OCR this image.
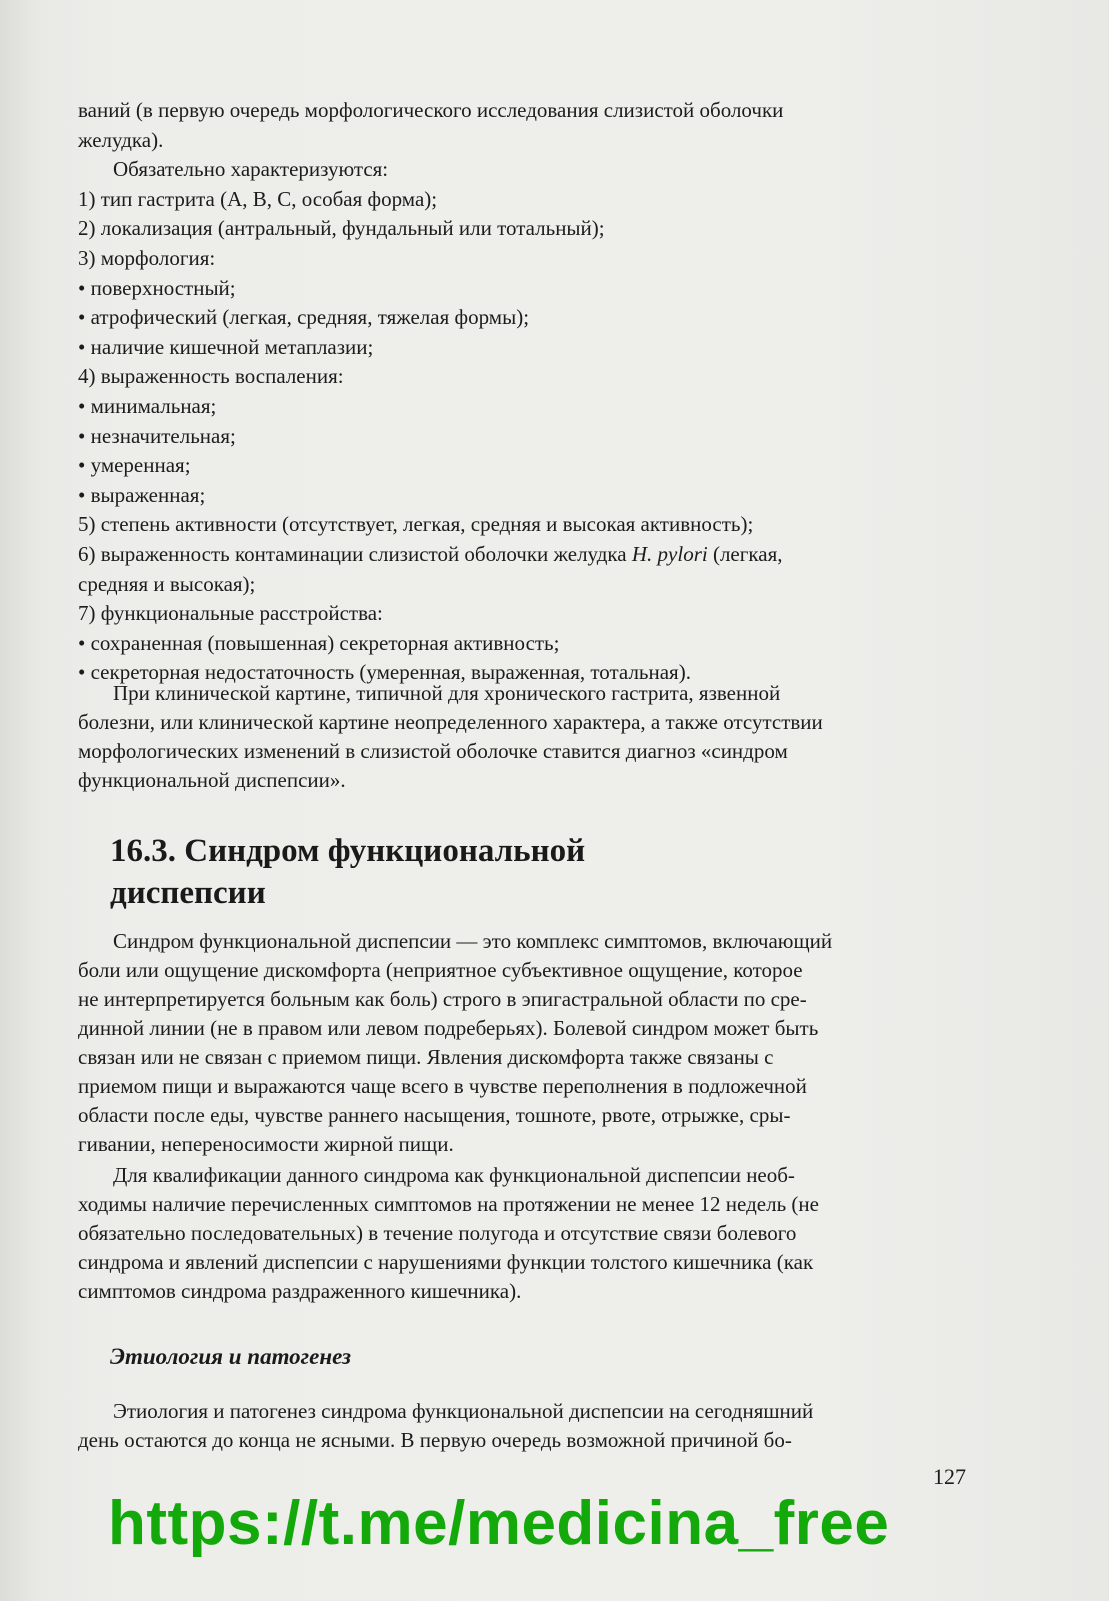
ваний (в первую очередь морфологического исследования слизистой оболочки
желудка).
Обязательно характеризуются:
1) тип гастрита (А, В, С, особая форма);
2) локализация (антральный, фундальный или тотальный);
3) морфология:
• поверхностный;
• атрофический (легкая, средняя, тяжелая формы);
• наличие кишечной метаплазии;
4) выраженность воспаления:
• минимальная;
• незначительная;
• умеренная;
• выраженная;
5) степень активности (отсутствует, легкая, средняя и высокая активность);
6) выраженность контаминации слизистой оболочки желудка H. pylori (легкая,
средняя и высокая);
7) функциональные расстройства:
• сохраненная (повышенная) секреторная активность;
• секреторная недостаточность (умеренная, выраженная, тотальная).
При клинической картине, типичной для хронического гастрита, язвенной
болезни, или клинической картине неопределенного характера, а также отсутствии
морфологических изменений в слизистой оболочке ставится диагноз «синдром
функциональной диспепсии».
16.3. Синдром функциональной
диспепсии
Синдром функциональной диспепсии — это комплекс симптомов, включающий
боли или ощущение дискомфорта (неприятное субъективное ощущение, которое
не интерпретируется больным как боль) строго в эпигастральной области по сре-
динной линии (не в правом или левом подреберьях). Болевой синдром может быть
связан или не связан с приемом пищи. Явления дискомфорта также связаны с
приемом пищи и выражаются чаще всего в чувстве переполнения в подложечной
области после еды, чувстве раннего насыщения, тошноте, рвоте, отрыжке, сры-
гивании, непереносимости жирной пищи.
Для квалификации данного синдрома как функциональной диспепсии необ-
ходимы наличие перечисленных симптомов на протяжении не менее 12 недель (не
обязательно последовательных) в течение полугода и отсутствие связи болевого
синдрома и явлений диспепсии с нарушениями функции толстого кишечника (как
симптомов синдрома раздраженного кишечника).
Этиология и патогенез
Этиология и патогенез синдрома функциональной диспепсии на сегодняшний
день остаются до конца не ясными. В первую очередь возможной причиной бо-
127
https://t.me/medicina_free
